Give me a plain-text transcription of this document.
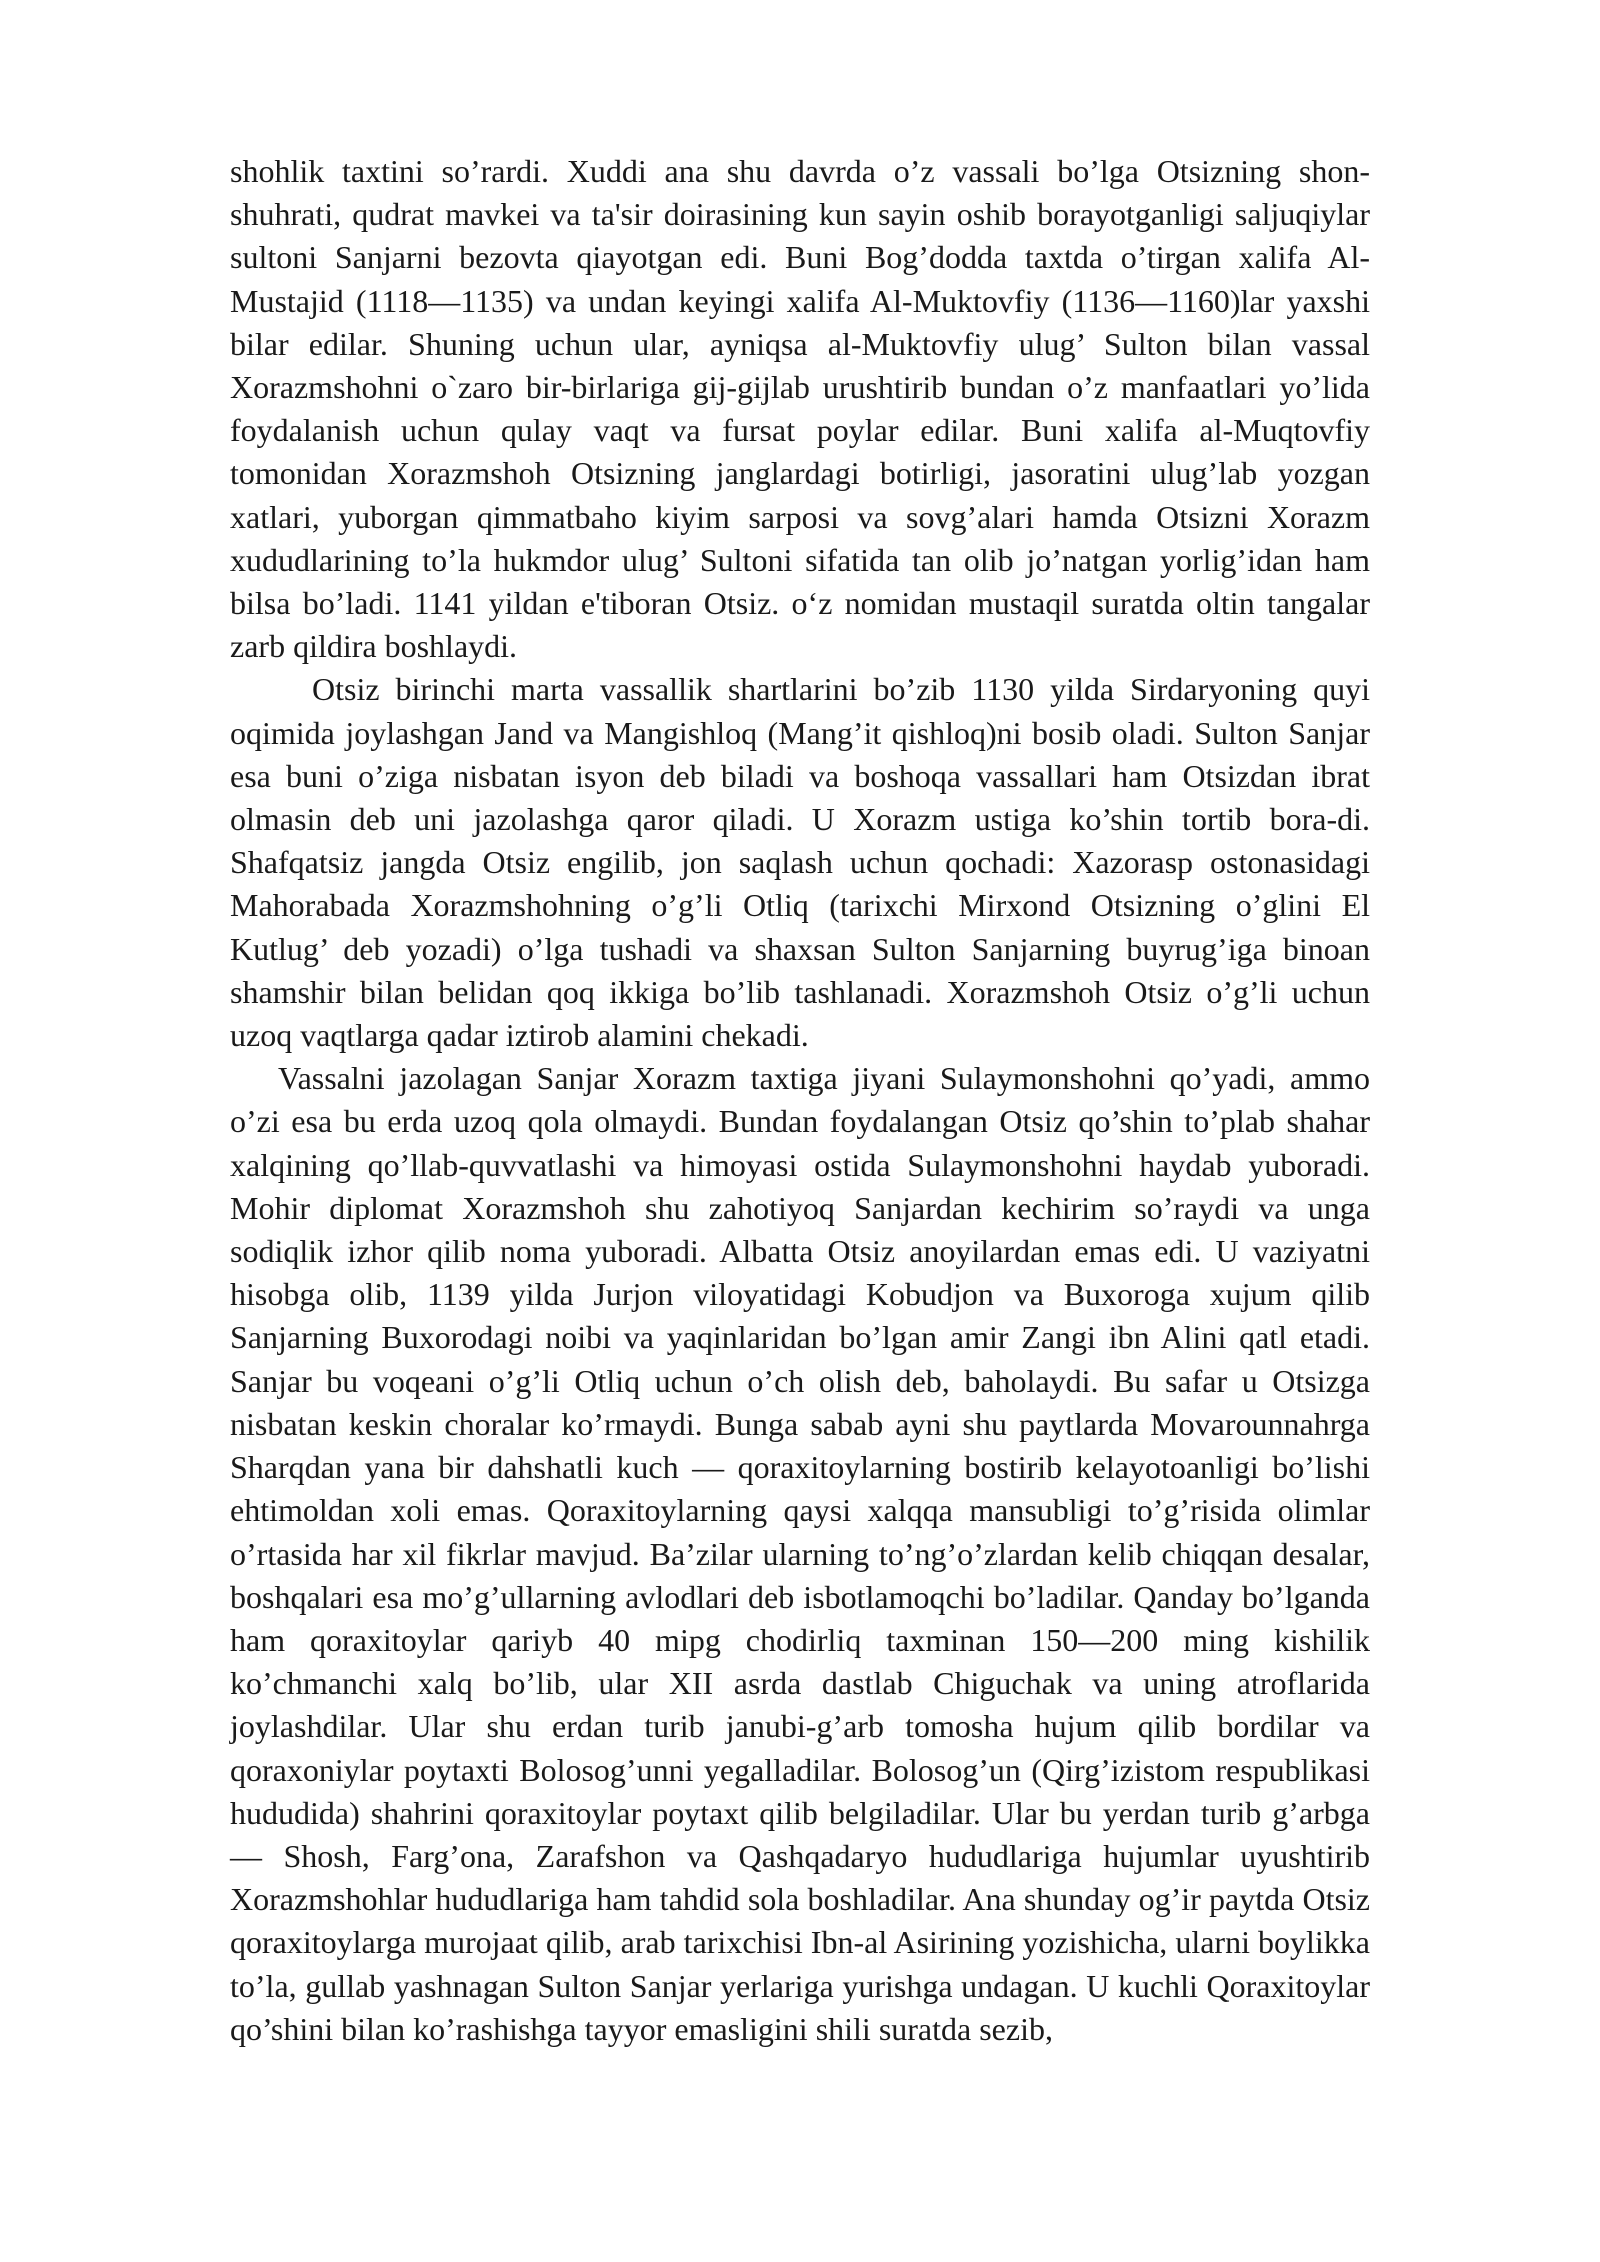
shohlik taxtini so’rardi. Xuddi ana shu davrda o’z vassali bo’lga Otsizning shon-shuhrati, qudrat mavkei va ta'sir doirasining kun sayin oshib borayotganligi saljuqiylar sultoni Sanjarni bezovta qiayotgan edi. Buni Bog’dodda taxtda o’tirgan xalifa Al-Mustajid (1118—1135) va undan keyingi xalifa Al-Muktovfiy (1136—1160)lar yaxshi bilar edilar. Shuning uchun ular, ayniqsa al-Muktovfiy ulug’ Sulton bilan vassal Xorazmshohni o`zaro bir-birlariga gij-gijlab urushtirib bundan o’z manfaatlari yo’lida foydalanish uchun qulay vaqt va fursat poylar edilar. Buni xalifa al-Muqtovfiy tomonidan Xorazmshoh Otsizning janglardagi botirligi, jasoratini ulug’lab yozgan xatlari, yuborgan qimmatbaho kiyim sarposi va sovg’alari hamda Otsizni Xorazm xududlarining to’la hukmdor ulug’ Sultoni sifatida tan olib jo’natgan yorlig’idan ham bilsa bo’ladi. 1141 yildan e'tiboran Otsiz. o‘z nomidan mustaqil suratda oltin tangalar zarb qildira boshlaydi.

Otsiz birinchi marta vassallik shartlarini bo’zib 1130 yilda Sirdaryoning quyi oqimida joylashgan Jand va Mangishloq (Mang’it qishloq)ni bosib oladi. Sulton Sanjar esa buni o’ziga nisbatan isyon deb biladi va boshoqa vassallari ham Otsizdan ibrat olmasin deb uni jazolashga qaror qiladi. U Xorazm ustiga ko’shin tortib bora-di. Shafqatsiz jangda Otsiz engilib, jon saqlash uchun qochadi: Xazorasp ostonasidagi Mahorabada Xorazmshohning o’g’li Otliq (tarixchi Mirxond Otsizning o’glini El Kutlug’ deb yozadi) o’lga tushadi va shaxsan Sulton Sanjarning buyrug’iga binoan shamshir bilan belidan qoq ikkiga bo’lib tashlanadi. Xorazmshoh Otsiz o’g’li uchun uzoq vaqtlarga qadar iztirob alamini chekadi.

Vassalni jazolagan Sanjar Xorazm taxtiga jiyani Sulaymonshohni qo’yadi, ammo o’zi esa bu erda uzoq qola olmaydi. Bundan foydalangan Otsiz qo’shin to’plab shahar xalqining qo’llab-quvvatlashi va himoyasi ostida Sulaymonshohni haydab yuboradi. Mohir diplomat Xorazmshoh shu zahotiyoq Sanjardan kechirim so’raydi va unga sodiqlik izhor qilib noma yuboradi. Albatta Otsiz anoyilardan emas edi. U vaziyatni hisobga olib, 1139 yilda Jurjon viloyatidagi Kobudjon va Buxoroga xujum qilib Sanjarning Buxorodagi noibi va yaqinlaridan bo’lgan amir Zangi ibn Alini qatl etadi. Sanjar bu voqeani o’g’li Otliq uchun o’ch olish deb, baholaydi. Bu safar u Otsizga nisbatan keskin choralar ko’rmaydi. Bunga sabab ayni shu paytlarda Movarounnahrga Sharqdan yana bir dahshatli kuch — qoraxitoylarning bostirib kelayotoanligi bo’lishi ehtimoldan xoli emas. Qoraxitoylarning qaysi xalqqa mansubligi to’g’risida olimlar o’rtasida har xil fikrlar mavjud. Ba’zilar ularning to’ng’o’zlardan kelib chiqqan desalar, boshqalari esa mo’g’ullarning avlodlari deb isbotlamoqchi bo’ladilar. Qanday bo’lganda ham qoraxitoylar qariyb 40 mipg chodirliq taxminan 150—200 ming kishilik ko’chmanchi xalq bo’lib, ular XII asrda dastlab Chiguchak va uning atroflarida joylashdilar. Ular shu erdan turib janubi-g’arb tomosha hujum qilib bordilar va qoraxoniylar poytaxti Bolosog’unni yegalladilar. Bolosog’un (Qirg’izistom respublikasi hududida) shahrini qoraxitoylar poytaxt qilib belgiladilar. Ular bu yerdan turib g’arbga — Shosh, Farg’ona, Zarafshon va Qashqadaryo hududlariga hujumlar uyushtirib Xorazmshohlar hududlariga ham tahdid sola boshladilar. Ana shunday og’ir paytda Otsiz qoraxitoylarga murojaat qilib, arab tarixchisi Ibn-al Asirining yozishicha, ularni boylikka to’la, gullab yashnagan Sulton Sanjar yerlariga yurishga undagan. U kuchli Qoraxitoylar qo’shini bilan ko’rashishga tayyor emasligini shili suratda sezib,
